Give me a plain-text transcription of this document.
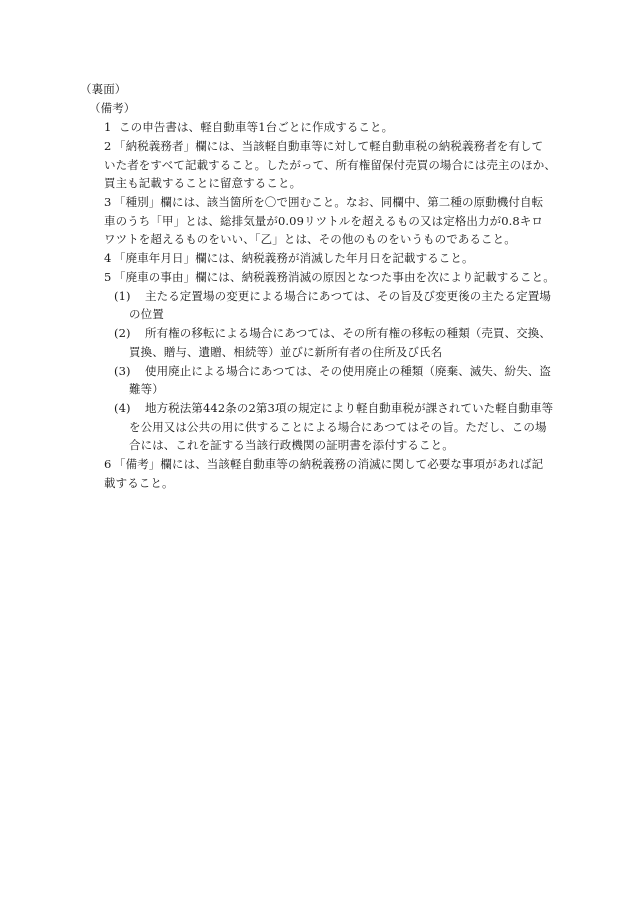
（裏面）
（備考）
1 この申告書は、軽自動車等1台ごとに作成すること。
2 「納税義務者」欄には、当該軽自動車等に対して軽自動車税の納税義務者を有して
いた者をすべて記載すること。したがって、所有権留保付売買の場合には売主のほか、
買主も記載することに留意すること。
3 「種別」欄には、該当箇所を〇で囲むこと。なお、同欄中、第二種の原動機付自転
車のうち「甲」とは、総排気量が0.09リツトルを超えるもの又は定格出力が0.8キロ
ワツトを超えるものをいい、「乙」とは、その他のものをいうものであること。
4 「廃車年月日」欄には、納税義務が消滅した年月日を記載すること。
5 「廃車の事由」欄には、納税義務消滅の原因となつた事由を次により記載すること。
(1) 主たる定置場の変更による場合にあつては、その旨及び変更後の主たる定置場
の位置
(2) 所有権の移転による場合にあつては、その所有権の移転の種類（売買、交換、
買換、贈与、遺贈、相続等）並びに新所有者の住所及び氏名
(3) 使用廃止による場合にあつては、その使用廃止の種類（廃棄、滅失、紛失、盗
難等）
(4) 地方税法第442条の2第3項の規定により軽自動車税が課されていた軽自動車等
を公用又は公共の用に供することによる場合にあつてはその旨。ただし、この場
合には、これを証する当該行政機関の証明書を添付すること。
6 「備考」欄には、当該軽自動車等の納税義務の消滅に関して必要な事項があれば記
載すること。
